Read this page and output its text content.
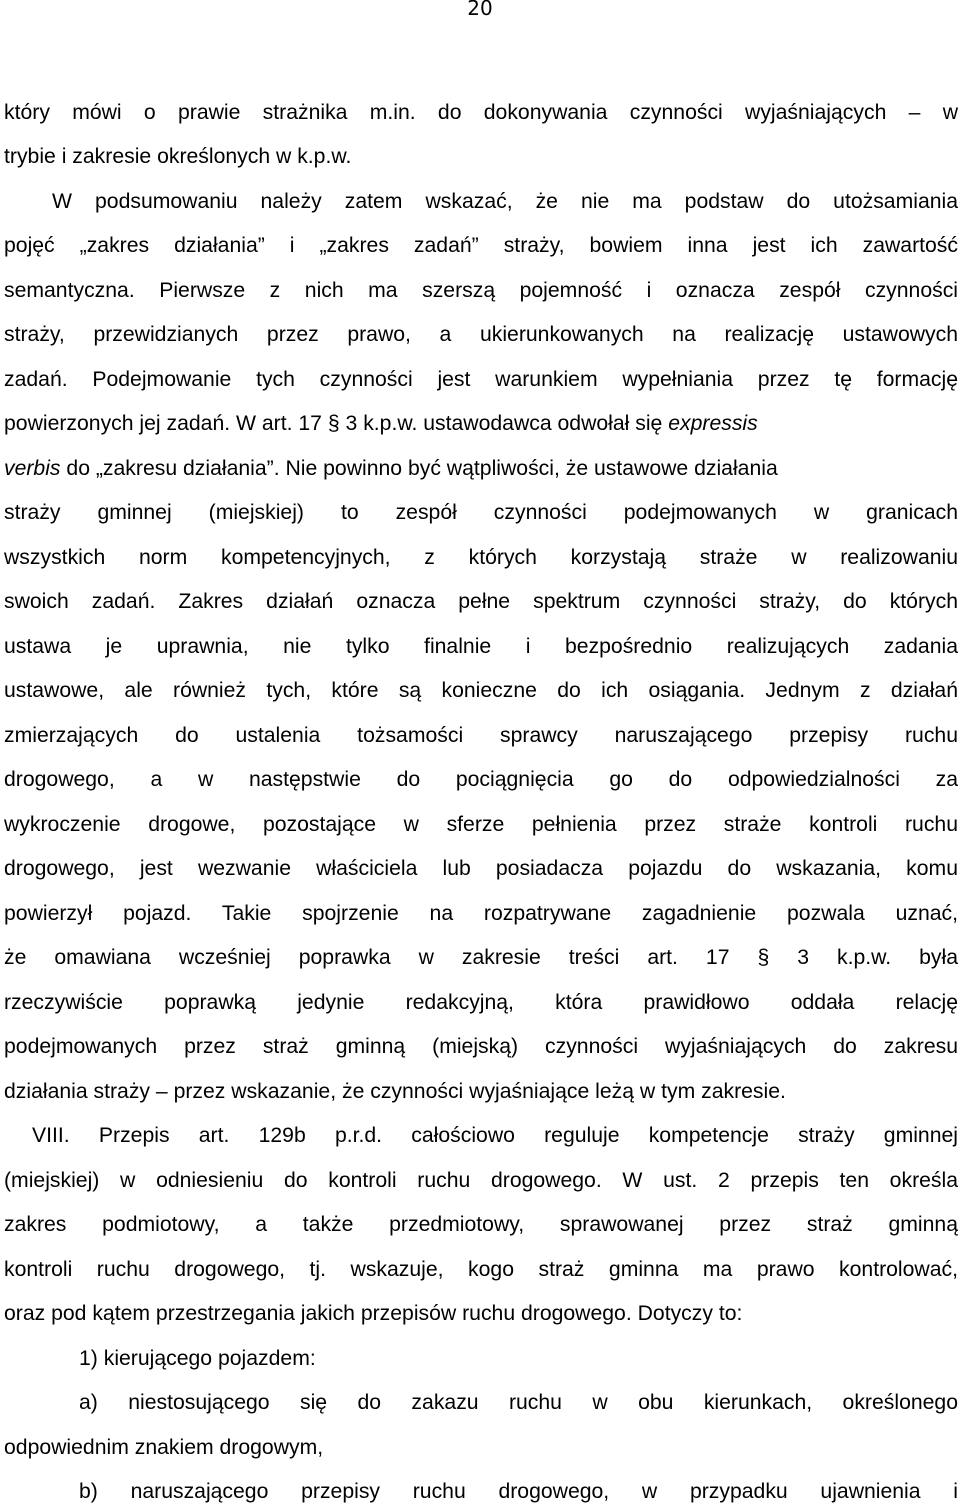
20
który mówi o prawie strażnika m.in. do dokonywania czynności wyjaśniających – w
trybie i zakresie określonych w k.p.w.
W podsumowaniu należy zatem wskazać, że nie ma podstaw do utożsamiania
pojęć „zakres działania” i „zakres zadań” straży, bowiem inna jest ich zawartość
semantyczna. Pierwsze z nich ma szerszą pojemność i oznacza zespół czynności
straży, przewidzianych przez prawo, a ukierunkowanych na realizację ustawowych
zadań. Podejmowanie tych czynności jest warunkiem wypełniania przez tę formację
powierzonych jej zadań. W art. 17 § 3 k.p.w. ustawodawca odwołał się expressis
verbis do „zakresu działania”. Nie powinno być wątpliwości, że ustawowe działania
straży gminnej (miejskiej) to zespół czynności podejmowanych w granicach
wszystkich norm kompetencyjnych, z których korzystają straże w realizowaniu
swoich zadań. Zakres działań oznacza pełne spektrum czynności straży, do których
ustawa je uprawnia, nie tylko finalnie i bezpośrednio realizujących zadania
ustawowe, ale również tych, które są konieczne do ich osiągania. Jednym z działań
zmierzających do ustalenia tożsamości sprawcy naruszającego przepisy ruchu
drogowego, a w następstwie do pociągnięcia go do odpowiedzialności za
wykroczenie drogowe, pozostające w sferze pełnienia przez straże kontroli ruchu
drogowego, jest wezwanie właściciela lub posiadacza pojazdu do wskazania, komu
powierzył pojazd. Takie spojrzenie na rozpatrywane zagadnienie pozwala uznać,
że omawiana wcześniej poprawka w zakresie treści art. 17 § 3 k.p.w. była
rzeczywiście poprawką jedynie redakcyjną, która prawidłowo oddała relację
podejmowanych przez straż gminną (miejską) czynności wyjaśniających do zakresu
działania straży – przez wskazanie, że czynności wyjaśniające leżą w tym zakresie.
VIII. Przepis art. 129b p.r.d. całościowo reguluje kompetencje straży gminnej
(miejskiej) w odniesieniu do kontroli ruchu drogowego. W ust. 2 przepis ten określa
zakres podmiotowy, a także przedmiotowy, sprawowanej przez straż gminną
kontroli ruchu drogowego, tj. wskazuje, kogo straż gminna ma prawo kontrolować,
oraz pod kątem przestrzegania jakich przepisów ruchu drogowego. Dotyczy to:
1) kierującego pojazdem:
a) niestosującego się do zakazu ruchu w obu kierunkach, określonego
odpowiednim znakiem drogowym,
b) naruszającego przepisy ruchu drogowego, w przypadku ujawnienia i
